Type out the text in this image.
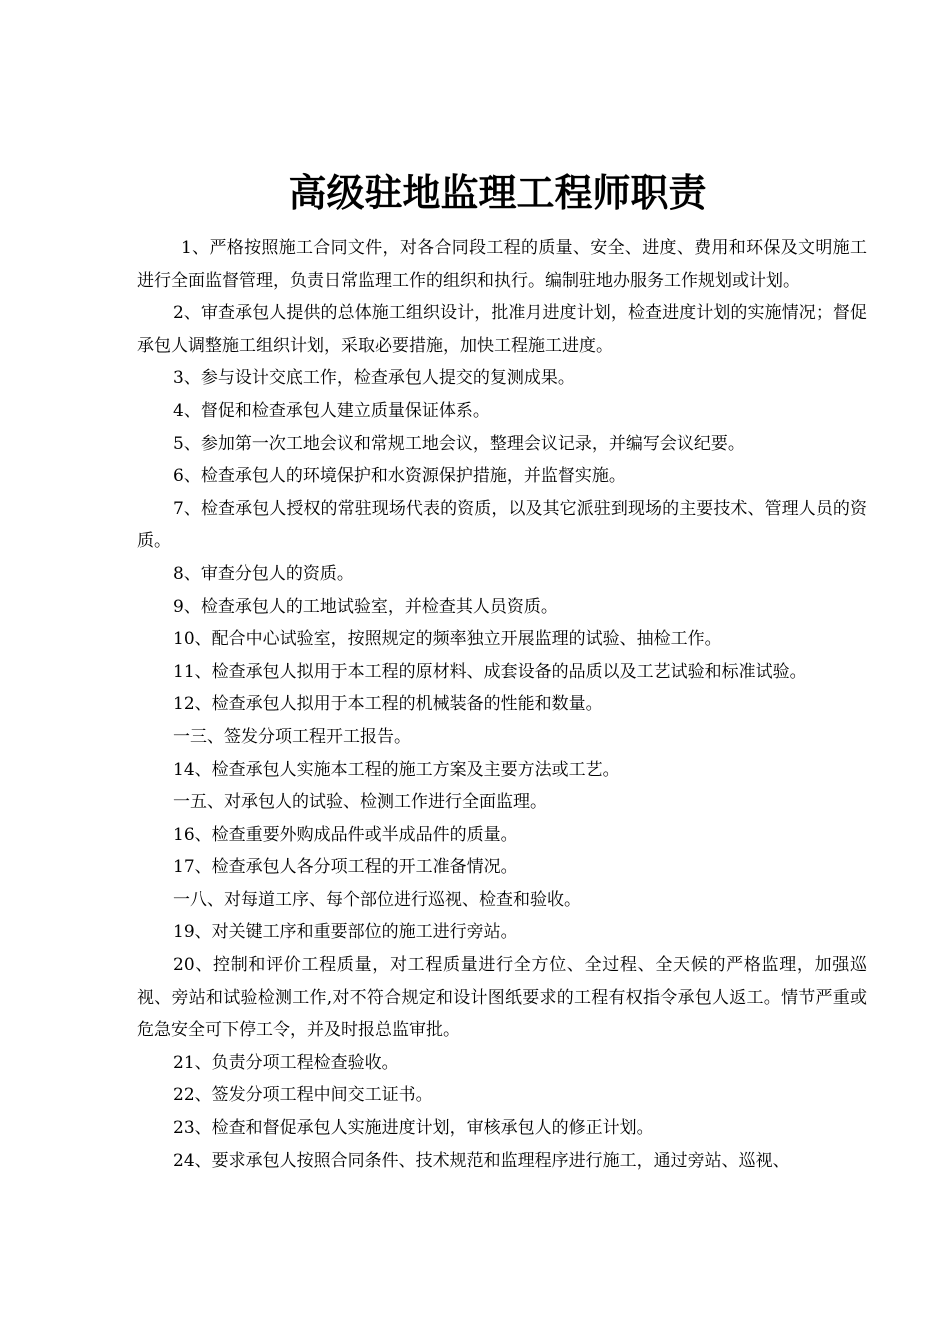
高级驻地监理工程师职责

1、严格按照施工合同文件，对各合同段工程的质量、安全、进度、费用和环保及文明施工进行全面监督管理，负责日常监理工作的组织和执行。编制驻地办服务工作规划或计划。

2、审查承包人提供的总体施工组织设计，批准月进度计划，检查进度计划的实施情况；督促承包人调整施工组织计划，采取必要措施，加快工程施工进度。

3、参与设计交底工作，检查承包人提交的复测成果。

4、督促和检查承包人建立质量保证体系。

5、参加第一次工地会议和常规工地会议，整理会议记录，并编写会议纪要。

6、检查承包人的环境保护和水资源保护措施，并监督实施。

7、检查承包人授权的常驻现场代表的资质，以及其它派驻到现场的主要技术、管理人员的资质。

8、审查分包人的资质。

9、检查承包人的工地试验室，并检查其人员资质。

10、配合中心试验室，按照规定的频率独立开展监理的试验、抽检工作。

11、检查承包人拟用于本工程的原材料、成套设备的品质以及工艺试验和标准试验。

12、检查承包人拟用于本工程的机械装备的性能和数量。

一三、签发分项工程开工报告。

14、检查承包人实施本工程的施工方案及主要方法或工艺。

一五、对承包人的试验、检测工作进行全面监理。

16、检查重要外购成品件或半成品件的质量。

17、检查承包人各分项工程的开工准备情况。

一八、对每道工序、每个部位进行巡视、检查和验收。

19、对关键工序和重要部位的施工进行旁站。

20、控制和评价工程质量，对工程质量进行全方位、全过程、全天候的严格监理，加强巡视、旁站和试验检测工作,对不符合规定和设计图纸要求的工程有权指令承包人返工。情节严重或危急安全可下停工令，并及时报总监审批。

21、负责分项工程检查验收。

22、签发分项工程中间交工证书。

23、检查和督促承包人实施进度计划，审核承包人的修正计划。

24、要求承包人按照合同条件、技术规范和监理程序进行施工，通过旁站、巡视、
